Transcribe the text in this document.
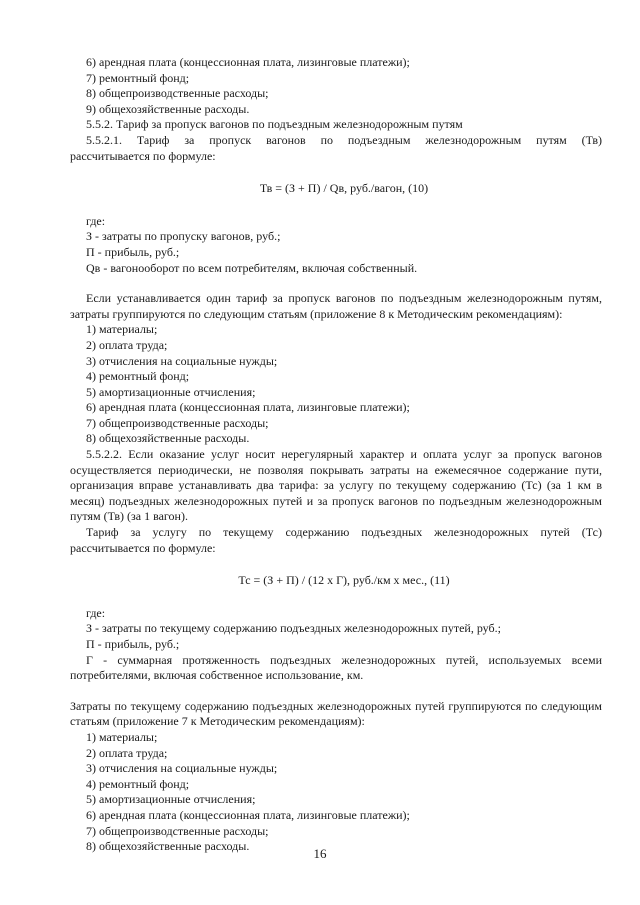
6) арендная плата (концессионная плата, лизинговые платежи);

7) ремонтный фонд;

8) общепроизводственные расходы;

9) общехозяйственные расходы.

5.5.2. Тариф за пропуск вагонов по подъездным железнодорожным путям

5.5.2.1. Тариф за пропуск вагонов по подъездным железнодорожным путям (Тв)

рассчитывается по формуле:

Тв = (З + П) / Qв, руб./вагон, (10)

где:

З - затраты по пропуску вагонов, руб.;

П - прибыль, руб.;

Qв - вагонооборот по всем потребителям, включая собственный.

Если устанавливается один тариф за пропуск вагонов по подъездным железнодорожным путям, затраты группируются по следующим статьям (приложение 8 к Методическим рекомендациям):

1) материалы;

2) оплата труда;

3) отчисления на социальные нужды;

4) ремонтный фонд;

5) амортизационные отчисления;

6) арендная плата (концессионная плата, лизинговые платежи);

7) общепроизводственные расходы;

8) общехозяйственные расходы.

5.5.2.2. Если оказание услуг носит нерегулярный характер и оплата услуг за пропуск вагонов осуществляется периодически, не позволяя покрывать затраты на ежемесячное содержание пути, организация вправе устанавливать два тарифа: за услугу по текущему содержанию (Тс) (за 1 км в месяц) подъездных железнодорожных путей и за пропуск вагонов по подъездным железнодорожным путям (Тв) (за 1 вагон).

Тариф за услугу по текущему содержанию подъездных железнодорожных путей (Тс) рассчитывается по формуле:

Тс = (З + П) / (12 х Г), руб./км х мес., (11)

где:

З - затраты по текущему содержанию подъездных железнодорожных путей, руб.;

П - прибыль, руб.;

Г - суммарная протяженность подъездных железнодорожных путей, используемых всеми потребителями, включая собственное использование, км.

Затраты по текущему содержанию подъездных железнодорожных путей группируются по следующим статьям (приложение 7 к Методическим рекомендациям):

1) материалы;

2) оплата труда;

3) отчисления на социальные нужды;

4) ремонтный фонд;

5) амортизационные отчисления;

6) арендная плата (концессионная плата, лизинговые платежи);

7) общепроизводственные расходы;

8) общехозяйственные расходы.	16
